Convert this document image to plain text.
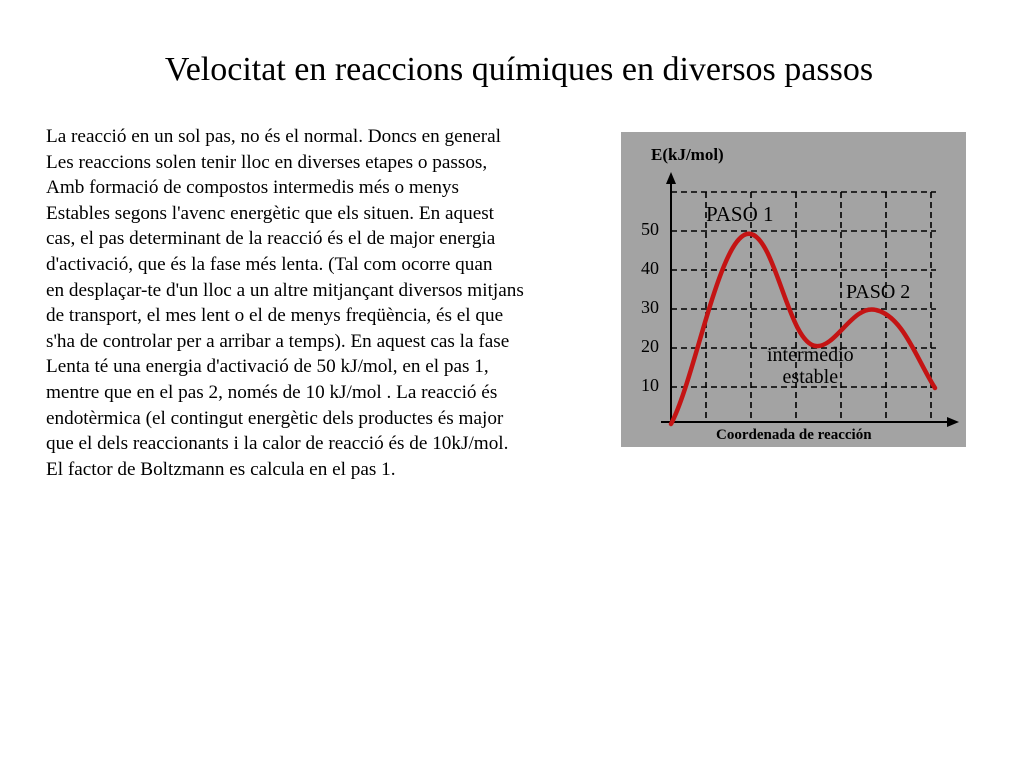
Velocitat en reaccions químiques en diversos passos
La reacció en un sol pas, no és el normal. Doncs en general
Les reaccions solen tenir lloc en diverses etapes o passos,
Amb formació de compostos intermedis més o menys
Estables segons l'avenc energètic que els situen. En aquest
cas, el pas determinant de la reacció és el de major energia
d'activació, que és la fase més lenta. (Tal com ocorre quan
en desplaçar-te d'un lloc a un altre mitjançant diversos mitjans
de transport, el mes lent o el de menys freqüència, és el que
s'ha de controlar per a arribar a temps). En aquest cas la fase
Lenta té una energia d'activació de 50 kJ/mol, en el pas 1,
mentre que en el pas 2, només de 10 kJ/mol . La reacció és
endotèrmica (el contingut energètic dels productes és major
que el dels reaccionants i la calor de reacció és de 10kJ/mol.
El factor de Boltzmann es calcula en el pas 1.
E(kJ/mol)
50
40
30
20
10
PASO 1
PASO 2
intermedio
estable
Coordenada de reacción
